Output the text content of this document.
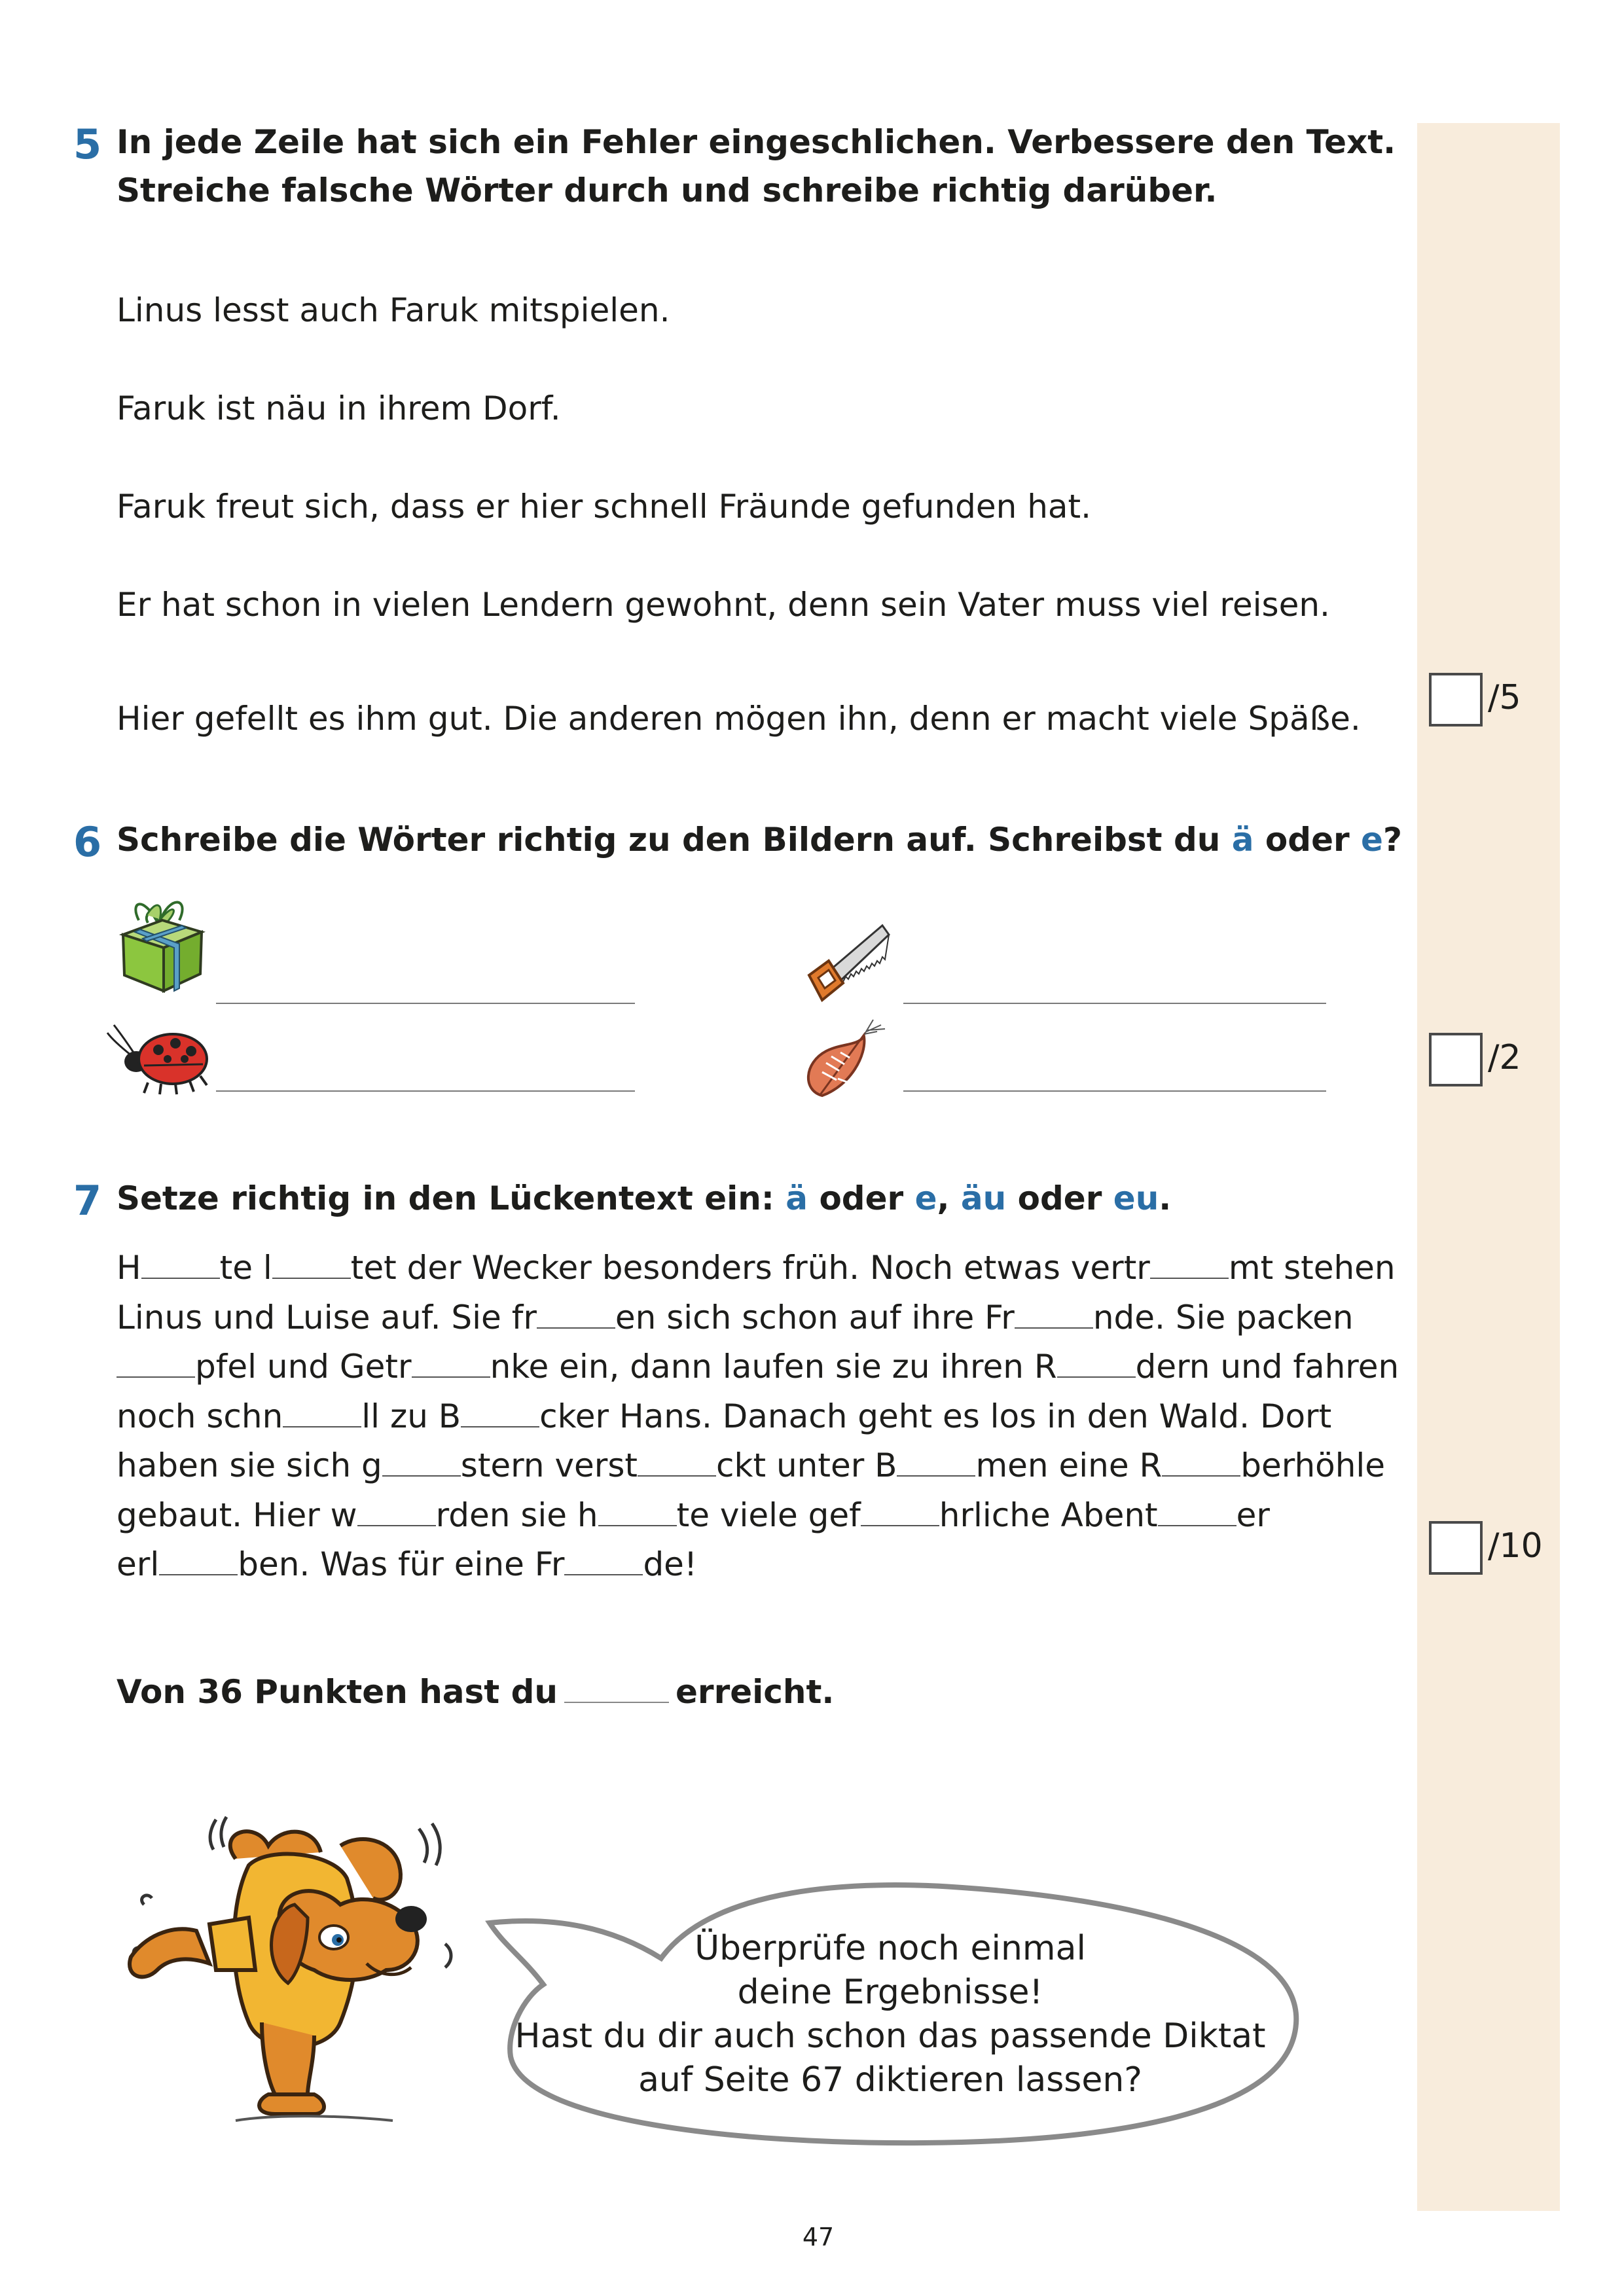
5 In jede Zeile hat sich ein Fehler eingeschlichen. Verbessere den Text.
Streiche falsche Wörter durch und schreibe richtig darüber.
Linus lesst auch Faruk mitspielen.
Faruk ist näu in ihrem Dorf.
Faruk freut sich, dass er hier schnell Fräunde gefunden hat.
Er hat schon in vielen Lendern gewohnt, denn sein Vater muss viel reisen.
Hier gefellt es ihm gut. Die anderen mögen ihn, denn er macht viele Späße.
/5
6 Schreibe die Wörter richtig zu den Bildern auf. Schreibst du ä oder e?
/2
7 Setze richtig in den Lückentext ein: ä oder e, äu oder eu.
H te l tet der Wecker besonders früh. Noch etwas vertr mt stehen
Linus und Luise auf. Sie fr en sich schon auf ihre Fr nde. Sie packen
pfel und Getr nke ein, dann laufen sie zu ihren R dern und fahren
noch schn ll zu B cker Hans. Danach geht es los in den Wald. Dort
haben sie sich g stern verst ckt unter B men eine R berhöhle
gebaut. Hier w rden sie h te viele gef hrliche Abent er
erl ben. Was für eine Fr de!	/10
Von 36 Punkten hast du	erreicht.
Überprüfe noch einmal
deine Ergebnisse!
Hast du dir auch schon das passende Diktat
auf Seite 67 diktieren lassen?
47
